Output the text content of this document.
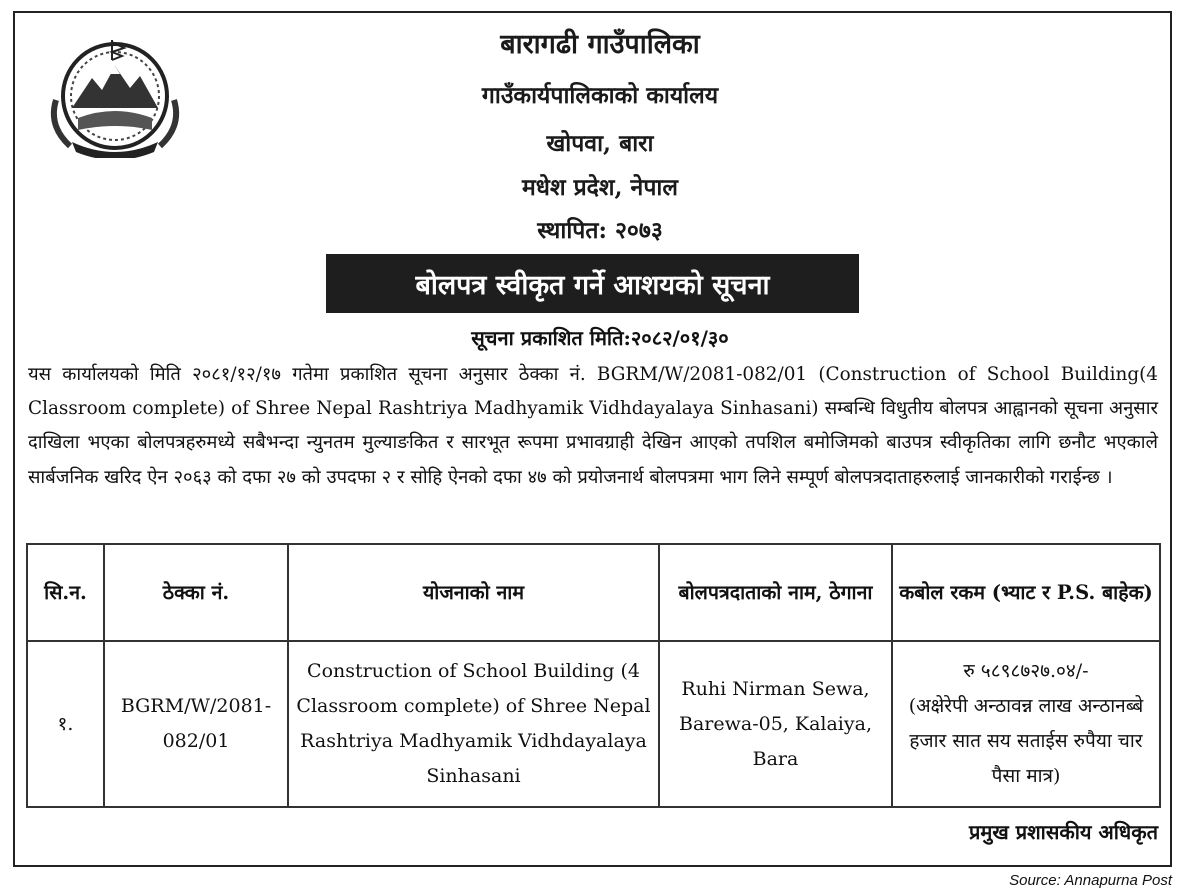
बारागढी गाउँपालिका
गाउँकार्यपालिकाको कार्यालय
खोपवा, बारा
मधेश प्रदेश, नेपाल
स्थापित: २०७३
बोलपत्र स्वीकृत गर्ने आशयको सूचना
सूचना प्रकाशित मिति:२०८२/०१/३०
यस कार्यालयको मिति २०८१/१२/१७ गतेमा प्रकाशित सूचना अनुसार ठेक्का नं. BGRM/W/2081-082/01 (Construction of School Building(4 Classroom complete) of Shree Nepal Rashtriya Madhyamik Vidhdayalaya Sinhasani) सम्बन्धि विधुतीय बोलपत्र आह्वानको सूचना अनुसार दाखिला भएका बोलपत्रहरुमध्ये सबैभन्दा न्युनतम मुल्याङकित र सारभूत रूपमा प्रभावग्राही देखिन आएको तपशिल बमोजिमको बाउपत्र स्वीकृतिका लागि छनौट भएकाले सार्बजनिक खरिद ऐन २०६३ को दफा २७ को उपदफा २ र सोहि ऐनको दफा ४७ को प्रयोजनार्थ बोलपत्रमा भाग लिने सम्पूर्ण बोलपत्रदाताहरुलाई जानकारीको गराईन्छ ।
सि.न.	ठेक्का नं.	योजनाको नाम	बोलपत्रदाताको नाम, ठेगाना	कबोल रकम (भ्याट र P.S. बाहेक)
१.	BGRM/W/2081-082/01	Construction of School Building (4 Classroom complete) of Shree Nepal Rashtriya Madhyamik Vidhdayalaya Sinhasani	Ruhi Nirman Sewa, Barewa-05, Kalaiya, Bara	रु ५८९८७२७.०४/-
(अक्षेरेपी अन्ठावन्न लाख अन्ठानब्बे हजार सात सय सताईस रुपैया चार पैसा मात्र)
प्रमुख प्रशासकीय अधिकृत
Source: Annapurna Post
